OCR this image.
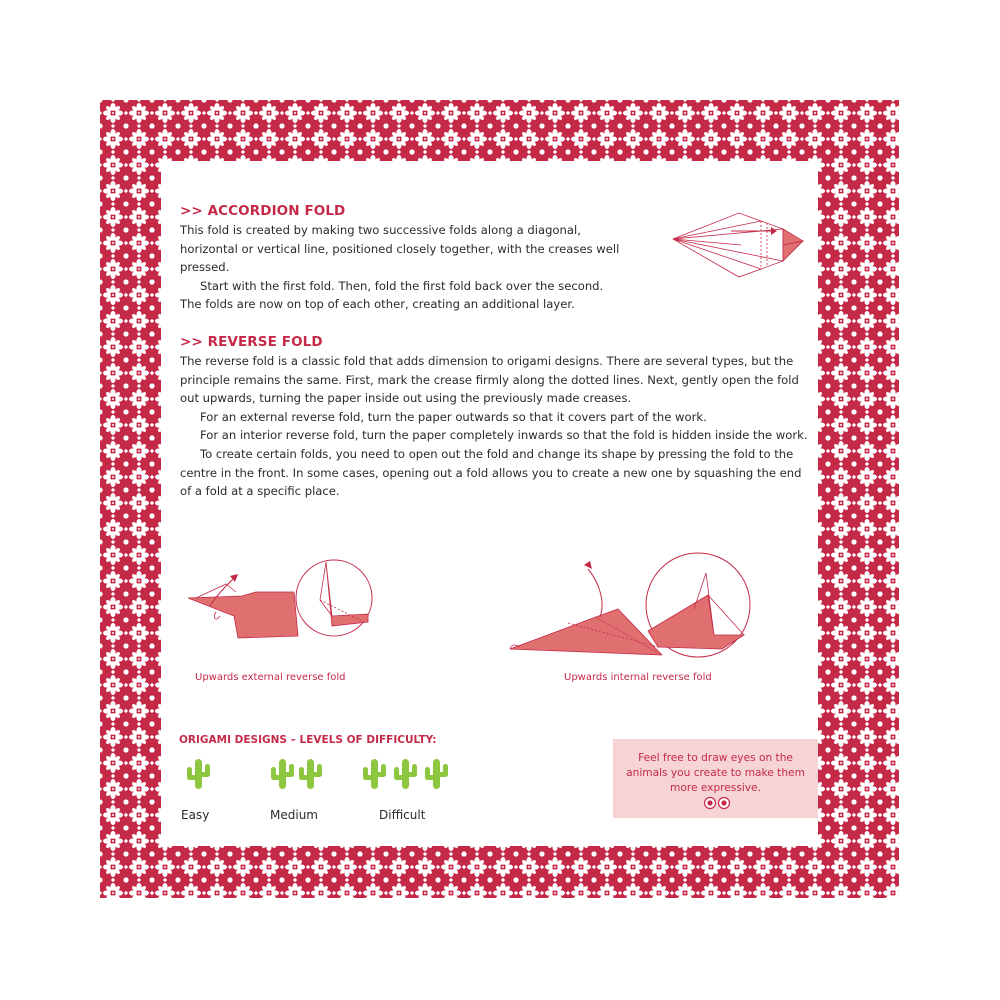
>> ACCORDION FOLD

This fold is created by making two successive folds along a diagonal, horizontal or vertical line, positioned closely together, with the creases well pressed.

Start with the first fold. Then, fold the first fold back over the second. The folds are now on top of each other, creating an additional layer.

>> REVERSE FOLD

The reverse fold is a classic fold that adds dimension to origami designs. There are several types, but the principle remains the same. First, mark the crease firmly along the dotted lines. Next, gently open the fold out upwards, turning the paper inside out using the previously made creases.

For an external reverse fold, turn the paper outwards so that it covers part of the work.

For an interior reverse fold, turn the paper completely inwards so that the fold is hidden inside the work.

To create certain folds, you need to open out the fold and change its shape by pressing the fold to the centre in the front. In some cases, opening out a fold allows you to create a new one by squashing the end of a fold at a specific place.

Upwards external reverse fold	Upwards internal reverse fold
ORIGAMI DESIGNS – LEVELS OF DIFFICULTY:
Easy	Medium	Difficult
Feel free to draw eyes on the animals you create to make them more expressive.
